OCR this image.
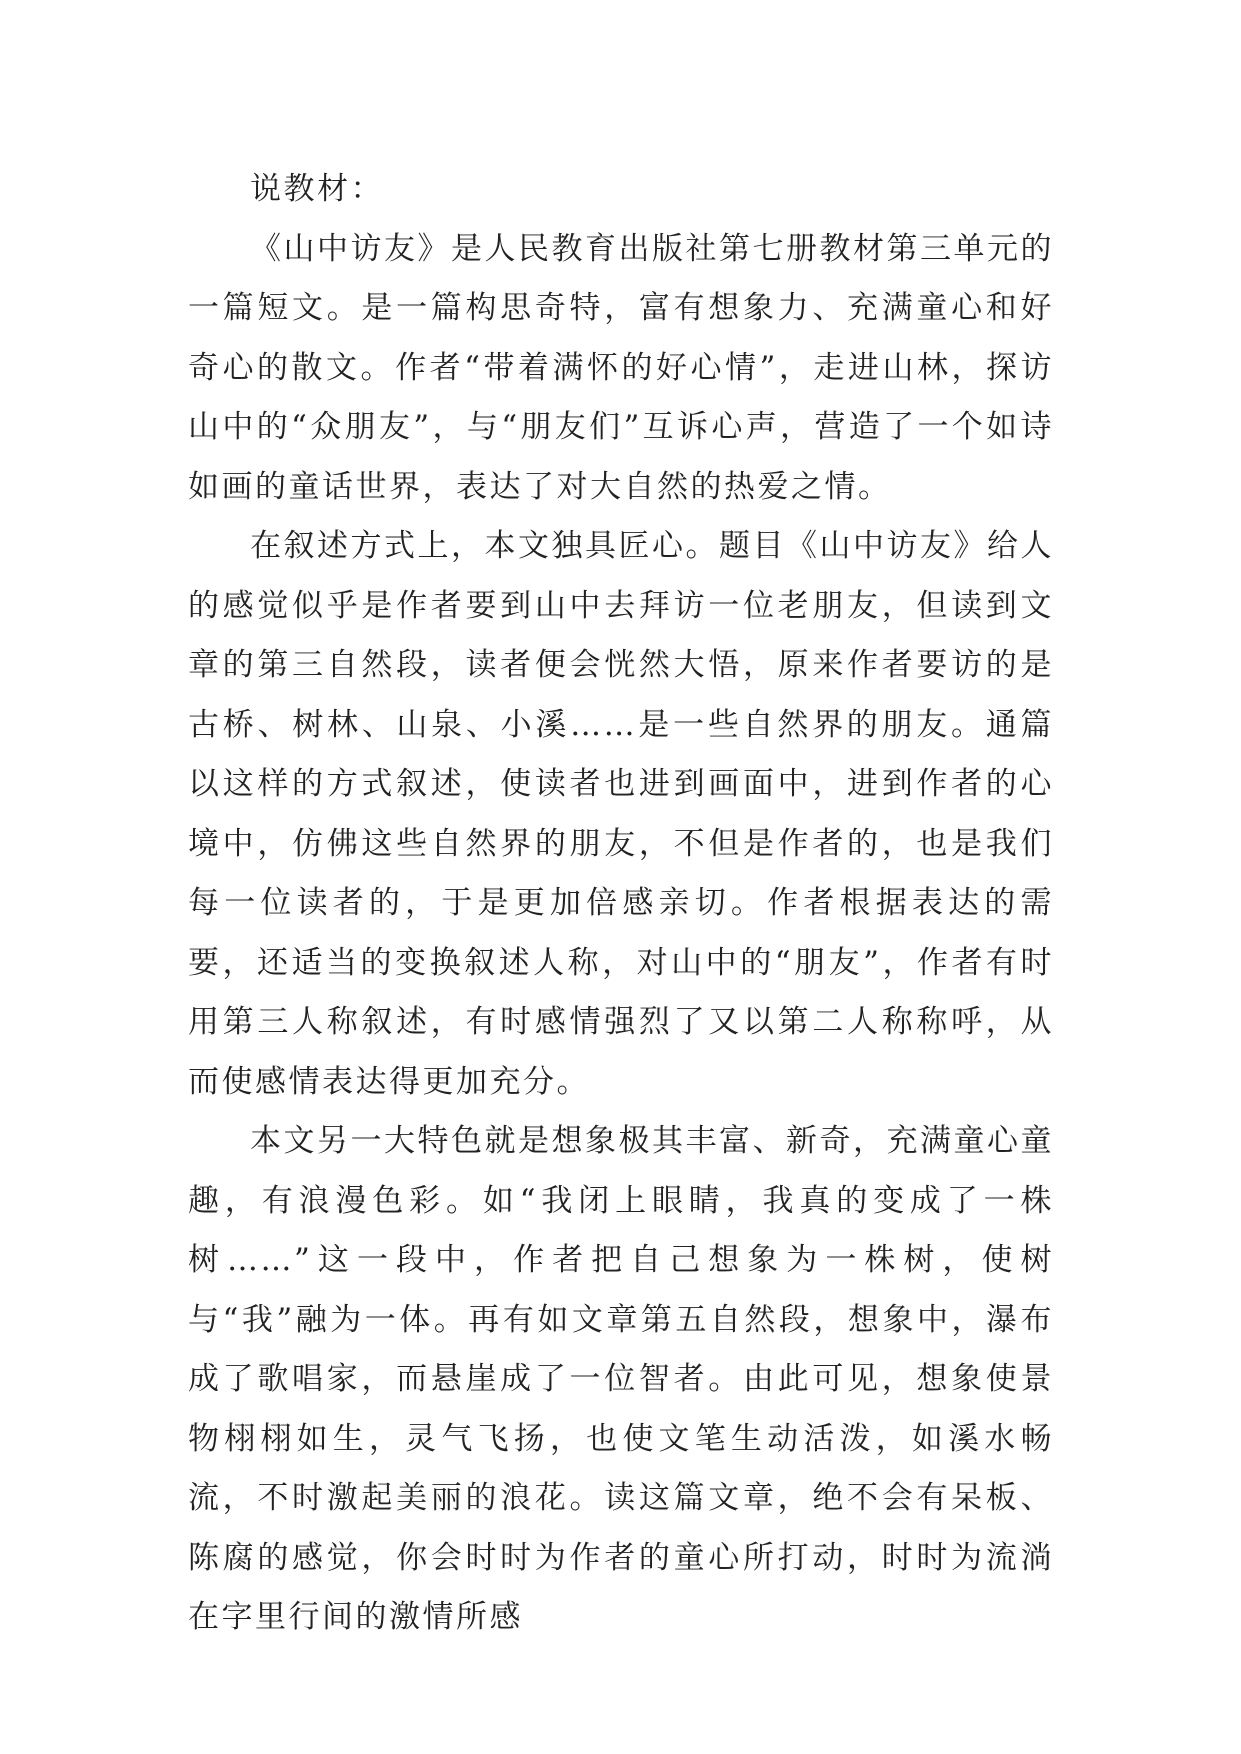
说教材：

《山中访友》是人民教育出版社第七册教材第三单元的一篇短文。是一篇构思奇特，富有想象力、充满童心和好奇心的散文。作者“带着满怀的好心情”，走进山林，探访山中的“众朋友”，与“朋友们”互诉心声，营造了一个如诗如画的童话世界，表达了对大自然的热爱之情。

在叙述方式上，本文独具匠心。题目《山中访友》给人的感觉似乎是作者要到山中去拜访一位老朋友，但读到文章的第三自然段，读者便会恍然大悟，原来作者要访的是古桥、树林、山泉、小溪……是一些自然界的朋友。通篇以这样的方式叙述，使读者也进到画面中，进到作者的心境中，仿佛这些自然界的朋友，不但是作者的，也是我们每一位读者的，于是更加倍感亲切。作者根据表达的需要，还适当的变换叙述人称，对山中的“朋友”，作者有时用第三人称叙述，有时感情强烈了又以第二人称称呼，从而使感情表达得更加充分。

本文另一大特色就是想象极其丰富、新奇，充满童心童趣，有浪漫色彩。如“我闭上眼睛，我真的变成了一株树……”这一段中，作者把自己想象为一株树，使树与“我”融为一体。再有如文章第五自然段，想象中，瀑布成了歌唱家，而悬崖成了一位智者。由此可见，想象使景物栩栩如生，灵气飞扬，也使文笔生动活泼，如溪水畅流，不时激起美丽的浪花。读这篇文章，绝不会有呆板、陈腐的感觉，你会时时为作者的童心所打动，时时为流淌在字里行间的激情所感
